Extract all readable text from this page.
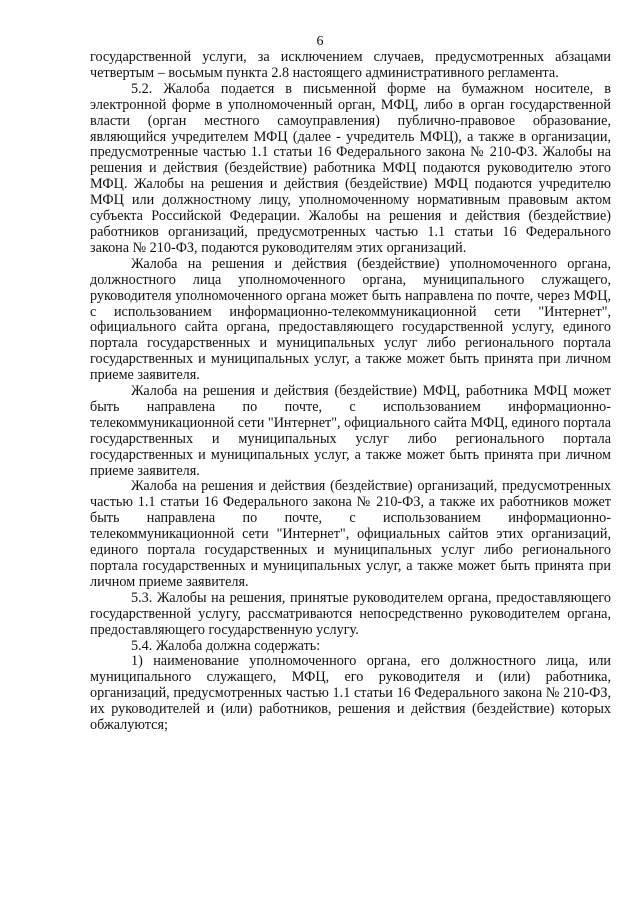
6

государственной услуги, за исключением случаев, предусмотренных абзацами четвертым – восьмым пункта 2.8 настоящего административного регламента.

5.2. Жалоба подается в письменной форме на бумажном носителе, в электронной форме в уполномоченный орган, МФЦ, либо в орган государственной власти (орган местного самоуправления) публично-правовое образование, являющийся учредителем МФЦ (далее - учредитель МФЦ), а также в организации, предусмотренные частью 1.1 статьи 16 Федерального закона № 210-ФЗ. Жалобы на решения и действия (бездействие) работника МФЦ подаются руководителю этого МФЦ. Жалобы на решения и действия (бездействие) МФЦ подаются учредителю МФЦ или должностному лицу, уполномоченному нормативным правовым актом субъекта Российской Федерации. Жалобы на решения и действия (бездействие) работников организаций, предусмотренных частью 1.1 статьи 16 Федерального закона № 210-ФЗ, подаются руководителям этих организаций.

Жалоба на решения и действия (бездействие) уполномоченного органа, должностного лица уполномоченного органа, муниципального служащего, руководителя уполномоченного органа может быть направлена по почте, через МФЦ, с использованием информационно-телекоммуникационной сети "Интернет", официального сайта органа, предоставляющего государственной услугу, единого портала государственных и муниципальных услуг либо регионального портала государственных и муниципальных услуг, а также может быть принята при личном приеме заявителя.

Жалоба на решения и действия (бездействие) МФЦ, работника МФЦ может быть направлена по почте, с использованием информационно-телекоммуникационной сети "Интернет", официального сайта МФЦ, единого портала государственных и муниципальных услуг либо регионального портала государственных и муниципальных услуг, а также может быть принята при личном приеме заявителя.

Жалоба на решения и действия (бездействие) организаций, предусмотренных частью 1.1 статьи 16 Федерального закона № 210-ФЗ, а также их работников может быть направлена по почте, с использованием информационно-телекоммуникационной сети "Интернет", официальных сайтов этих организаций, единого портала государственных и муниципальных услуг либо регионального портала государственных и муниципальных услуг, а также может быть принята при личном приеме заявителя.

5.3. Жалобы на решения, принятые руководителем органа, предоставляющего государственной услугу, рассматриваются непосредственно руководителем органа, предоставляющего государственную услугу.

5.4. Жалоба должна содержать:

1) наименование уполномоченного органа, его должностного лица, или муниципального служащего, МФЦ, его руководителя и (или) работника, организаций, предусмотренных частью 1.1 статьи 16 Федерального закона № 210-ФЗ, их руководителей и (или) работников, решения и действия (бездействие) которых обжалуются;
